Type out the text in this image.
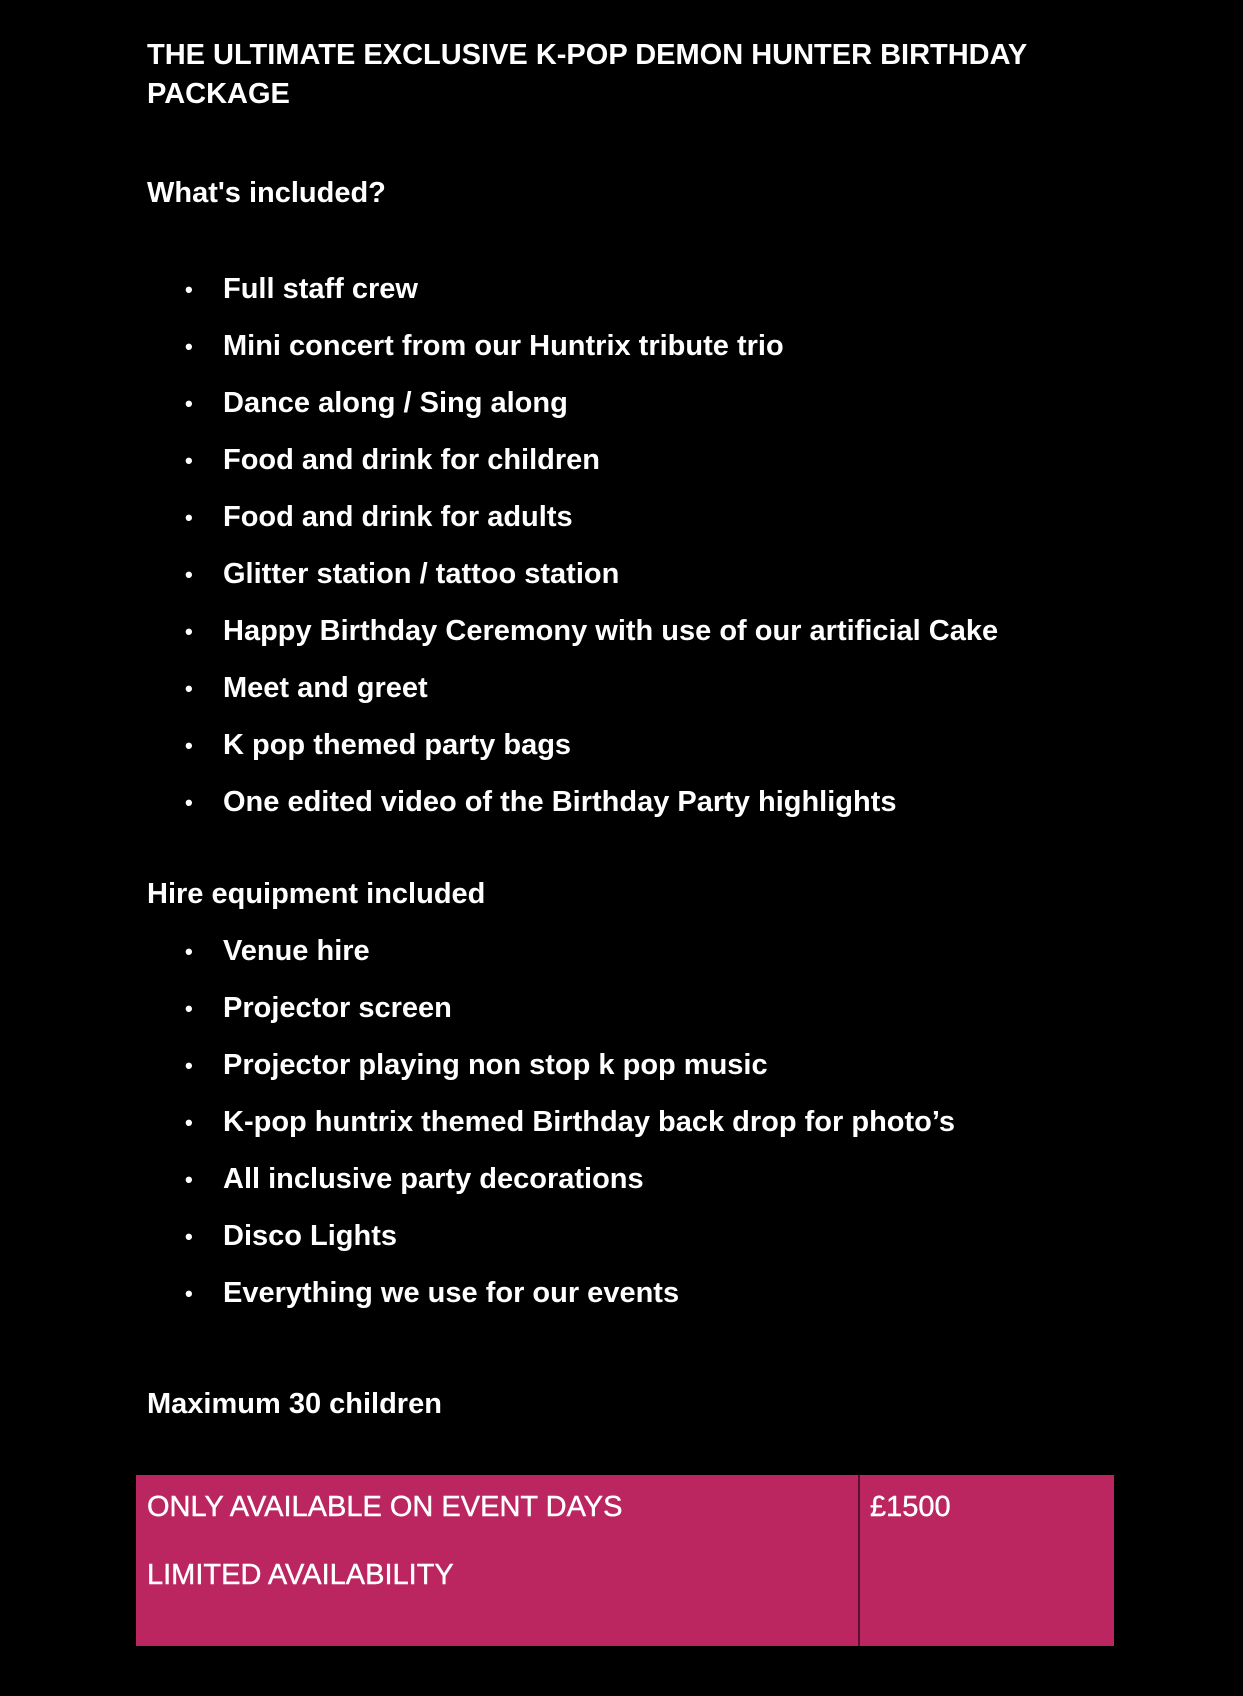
THE ULTIMATE EXCLUSIVE K-POP DEMON HUNTER BIRTHDAY PACKAGE
What's included?
• Full staff crew
• Mini concert from our Huntrix tribute trio
• Dance along / Sing along
• Food and drink for children
• Food and drink for adults
• Glitter station / tattoo station
• Happy Birthday Ceremony with use of our artificial Cake
• Meet and greet
• K pop themed party bags
• One edited video of the Birthday Party highlights
Hire equipment included
• Venue hire
• Projector screen
• Projector playing non stop k pop music
• K-pop huntrix themed Birthday back drop for photo’s
• All inclusive party decorations
• Disco Lights
• Everything we use for our events

Maximum 30 children

ONLY AVAILABLE ON EVENT DAYS
LIMITED AVAILABILITY
£1500
